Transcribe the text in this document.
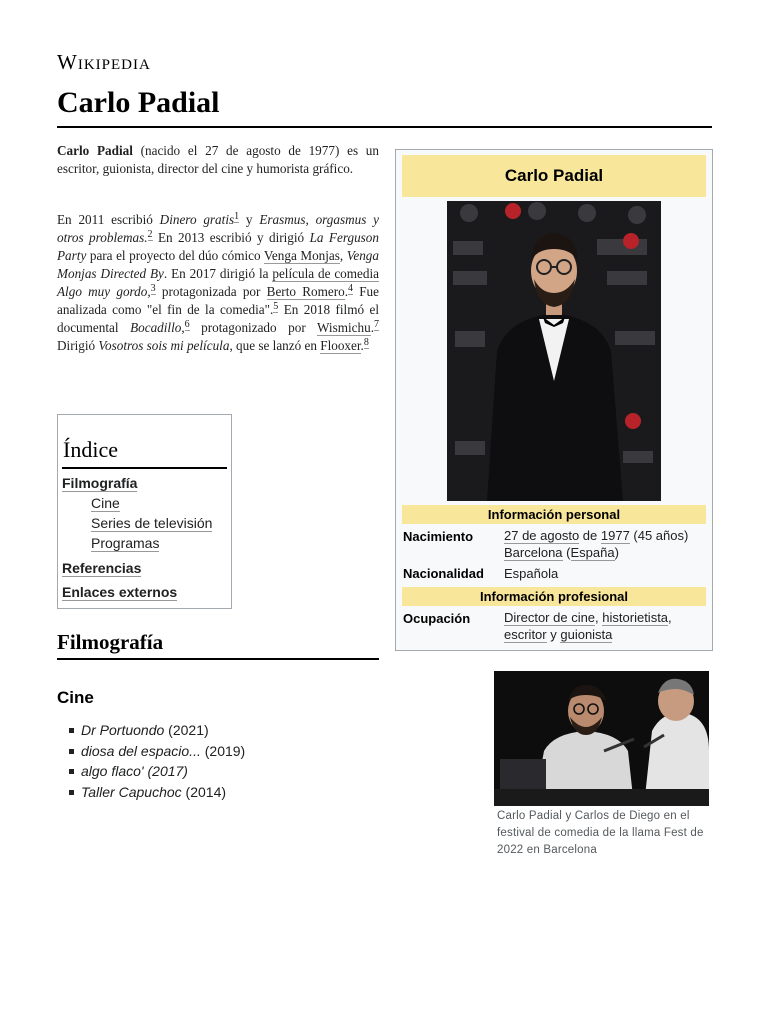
Wikipedia
Carlo Padial

Carlo Padial (nacido el 27 de agosto de 1977) es un escritor, guionista, director del cine y humorista gráfico.

En 2011 escribió Dinero gratis$^1$ y Erasmus, orgasmus y otros problemas.$^2$ En 2013 escribió y dirigió La Ferguson Party para el proyecto del dúo cómico Venga Monjas, Venga Monjas Directed By. En 2017 dirigió la película de comedia Algo muy gordo,$^3$ protagonizada por Berto Romero.$^4$ Fue analizada como "el fin de la comedia".$^5$ En 2018 filmó el documental Bocadillo,$^6$ protagonizado por Wismichu.$^7$ Dirigió Vosotros sois mi película, que se lanzó en Flooxer.$^8$

Índice
Filmografía
Cine
Series de televisión
Programas
Referencias
Enlaces externos
Filmografía
Cine
Dr Portuondo (2021)
diosa del espacio... (2019)
algo flaco' (2017)
Taller Capuchoc (2014)
Carlo Padial
Información personal
Nacimiento 27 de agosto de 1977 (45 años)
Barcelona (España)
Nacionalidad Española
Información profesional
Ocupación	Director de cine, historietista,
escritor y guionista
Carlo Padial y Carlos de Diego en el festival de comedia de la llama Fest de 2022 en Barcelona
